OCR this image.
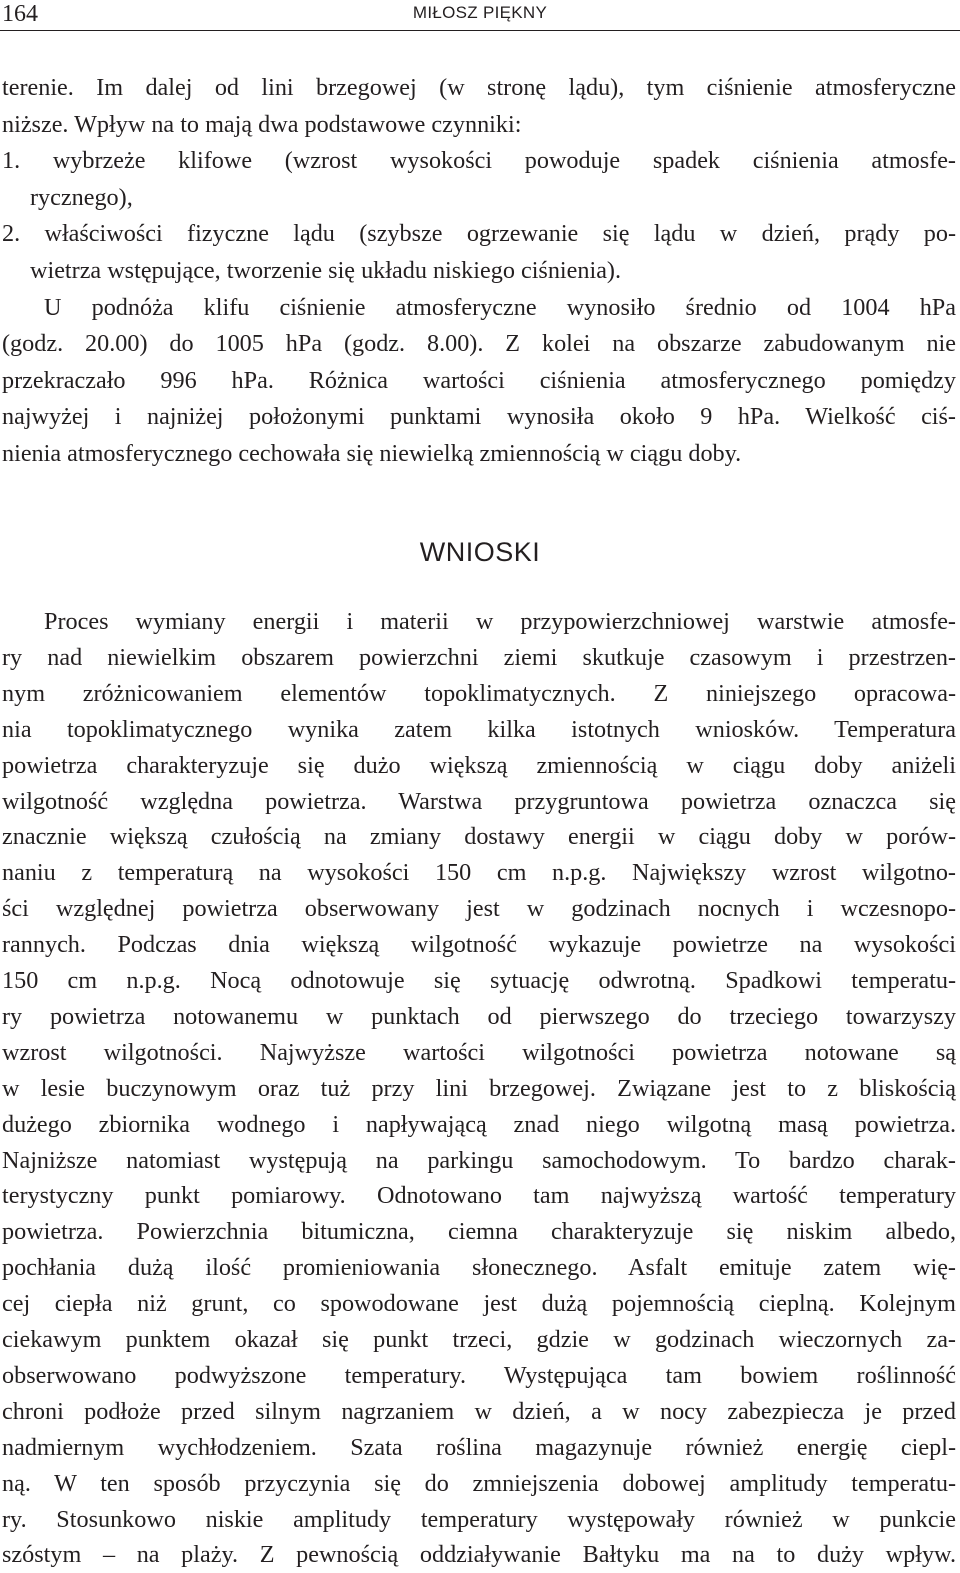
164	MIŁOSZ PIĘKNY
terenie. Im dalej od lini brzegowej (w stronę lądu), tym ciśnienie atmosferyczne
niższe. Wpływ na to mają dwa podstawowe czynniki:
1. wybrzeże klifowe (wzrost wysokości powoduje spadek ciśnienia atmosfe-
rycznego),
2. właściwości fizyczne lądu (szybsze ogrzewanie się lądu w dzień, prądy po-
wietrza wstępujące, tworzenie się układu niskiego ciśnienia).
U podnóża klifu ciśnienie atmosferyczne wynosiło średnio od 1004 hPa
(godz. 20.00) do 1005 hPa (godz. 8.00). Z kolei na obszarze zabudowanym nie
przekraczało 996 hPa. Różnica wartości ciśnienia atmosferycznego pomiędzy
najwyżej i najniżej położonymi punktami wynosiła około 9 hPa. Wielkość ciś-
nienia atmosferycznego cechowała się niewielką zmiennością w ciągu doby.
WNIOSKI
Proces wymiany energii i materii w przypowierzchniowej warstwie atmosfe-
ry nad niewielkim obszarem powierzchni ziemi skutkuje czasowym i przestrzen-
nym zróżnicowaniem elementów topoklimatycznych. Z niniejszego opracowa-
nia topoklimatycznego wynika zatem kilka istotnych wniosków. Temperatura
powietrza charakteryzuje się dużo większą zmiennością w ciągu doby aniżeli
wilgotność względna powietrza. Warstwa przygruntowa powietrza oznaczca się
znacznie większą czułością na zmiany dostawy energii w ciągu doby w porów-
naniu z temperaturą na wysokości 150 cm n.p.g. Największy wzrost wilgotno-
ści względnej powietrza obserwowany jest w godzinach nocnych i wczesnopo-
rannych. Podczas dnia większą wilgotność wykazuje powietrze na wysokości
150 cm n.p.g. Nocą odnotowuje się sytuację odwrotną. Spadkowi temperatu-
ry powietrza notowanemu w punktach od pierwszego do trzeciego towarzyszy
wzrost wilgotności. Najwyższe wartości wilgotności powietrza notowane są
w lesie buczynowym oraz tuż przy lini brzegowej. Związane jest to z bliskością
dużego zbiornika wodnego i napływającą znad niego wilgotną masą powietrza.
Najniższe natomiast występują na parkingu samochodowym. To bardzo charak-
terystyczny punkt pomiarowy. Odnotowano tam najwyższą wartość temperatury
powietrza. Powierzchnia bitumiczna, ciemna charakteryzuje się niskim albedo,
pochłania dużą ilość promieniowania słonecznego. Asfalt emituje zatem wię-
cej ciepła niż grunt, co spowodowane jest dużą pojemnością cieplną. Kolejnym
ciekawym punktem okazał się punkt trzeci, gdzie w godzinach wieczornych za-
obserwowano podwyższone temperatury. Występująca tam bowiem roślinność
chroni podłoże przed silnym nagrzaniem w dzień, a w nocy zabezpiecza je przed
nadmiernym wychłodzeniem. Szata roślina magazynuje również energię ciepl-
ną. W ten sposób przyczynia się do zmniejszenia dobowej amplitudy temperatu-
ry. Stosunkowo niskie amplitudy temperatury występowały również w punkcie
szóstym – na plaży. Z pewnością oddziaływanie Bałtyku ma na to duży wpływ.
